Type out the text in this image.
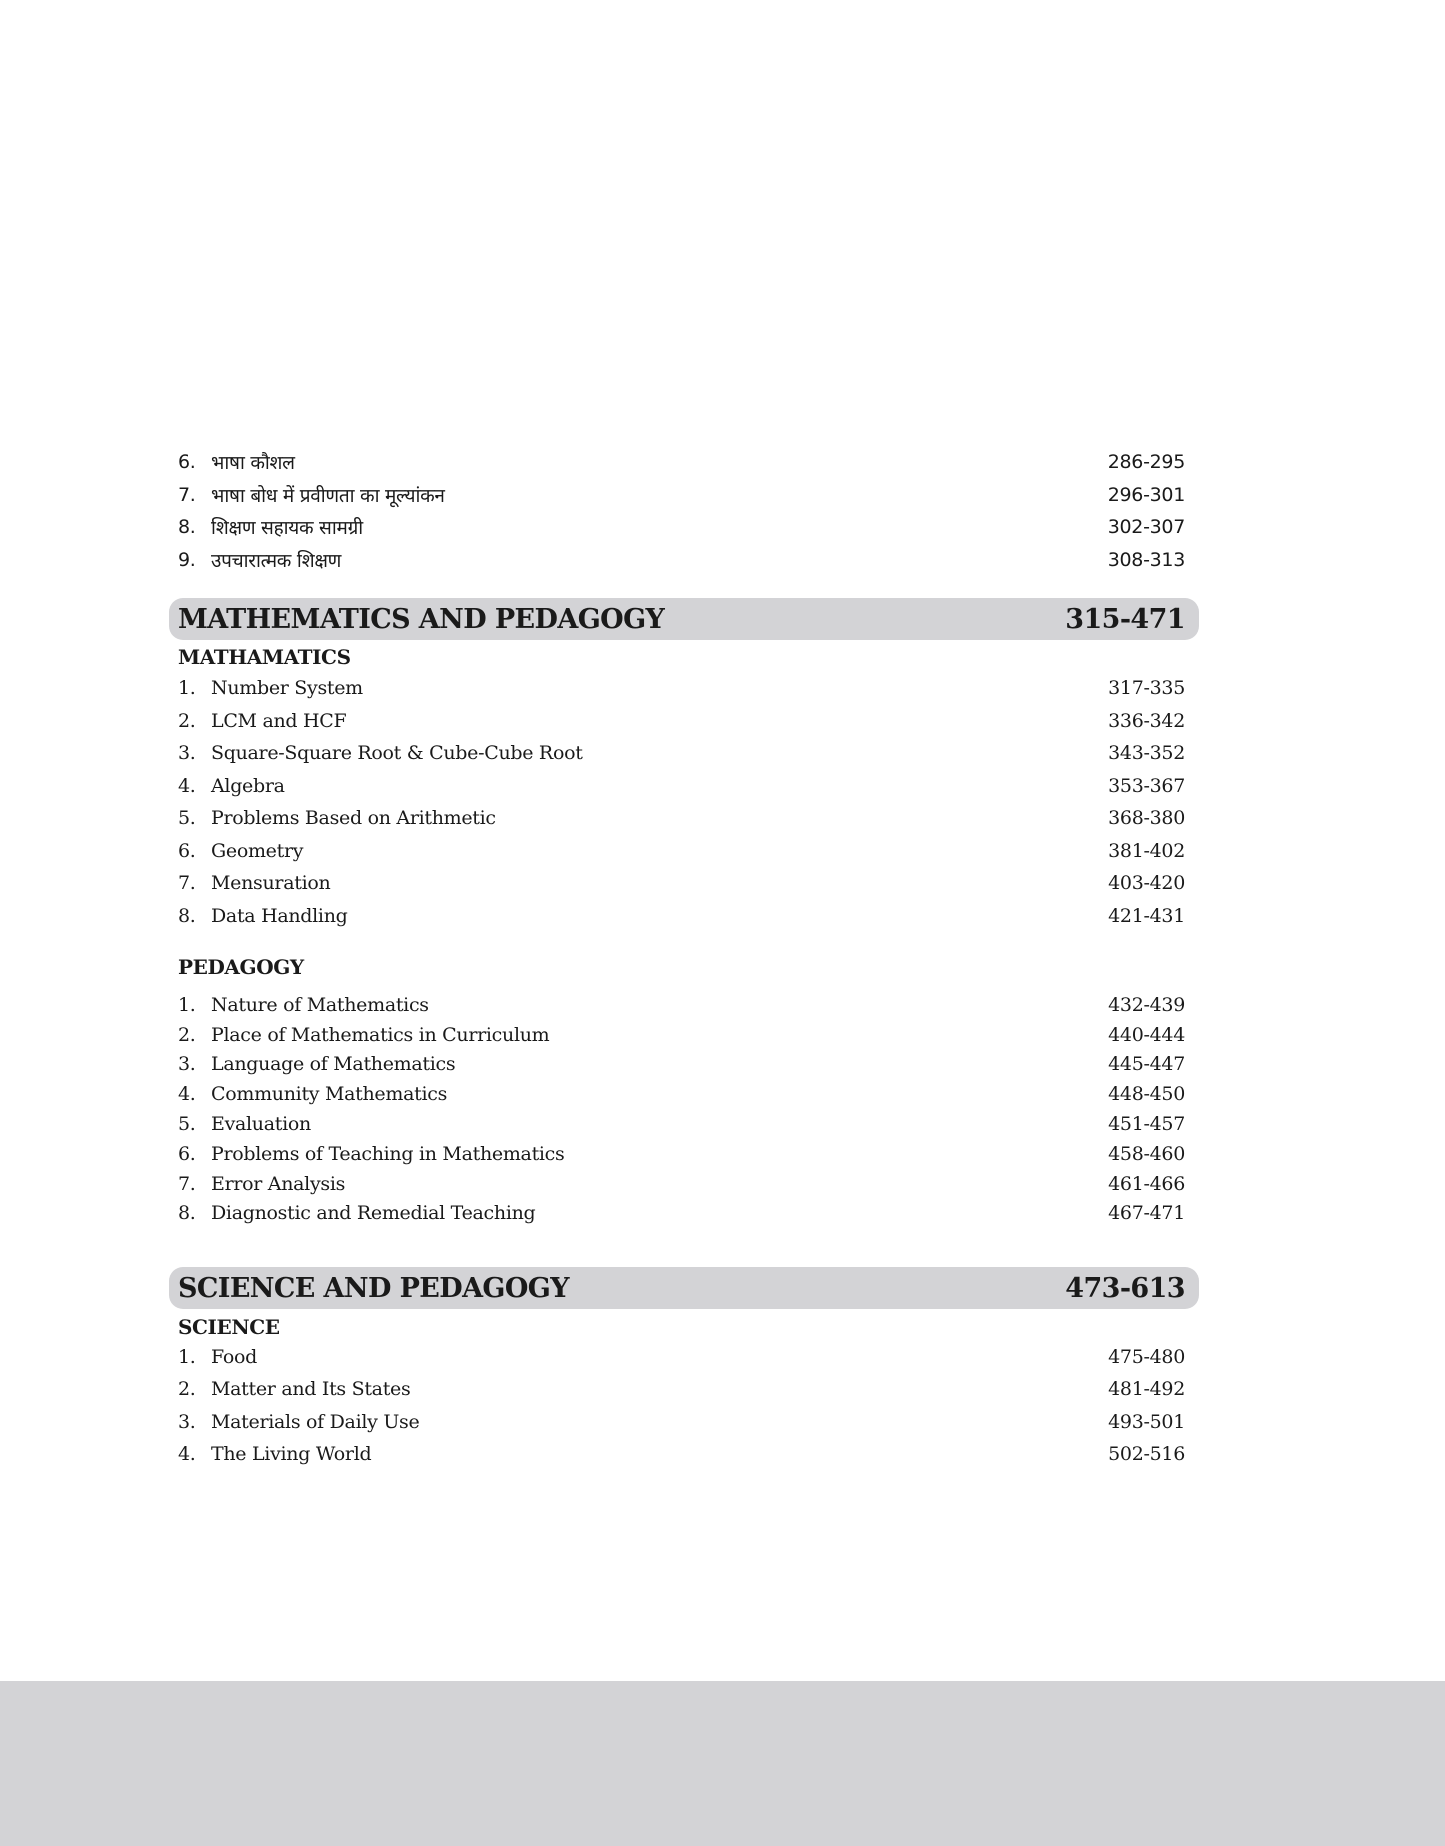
6. भाषा कौशल	286-295
7. भाषा बोध में प्रवीणता का मूल्यांकन	296-301
8. शिक्षण सहायक सामग्री	302-307
9. उपचारात्मक शिक्षण	308-313
MATHEMATICS AND PEDAGOGY	315-471
MATHAMATICS
1. Number System	317-335
2. LCM and HCF	336-342
3. Square-Square Root & Cube-Cube Root	343-352
4. Algebra	353-367
5. Problems Based on Arithmetic	368-380
6. Geometry	381-402
7. Mensuration	403-420
8. Data Handling	421-431
PEDAGOGY
1. Nature of Mathematics	432-439
2. Place of Mathematics in Curriculum	440-444
3. Language of Mathematics	445-447
4. Community Mathematics	448-450
5. Evaluation	451-457
6. Problems of Teaching in Mathematics	458-460
7. Error Analysis	461-466
8. Diagnostic and Remedial Teaching	467-471
SCIENCE AND PEDAGOGY	473-613
SCIENCE
1. Food	475-480
2. Matter and Its States	481-492
3. Materials of Daily Use	493-501
4. The Living World	502-516
